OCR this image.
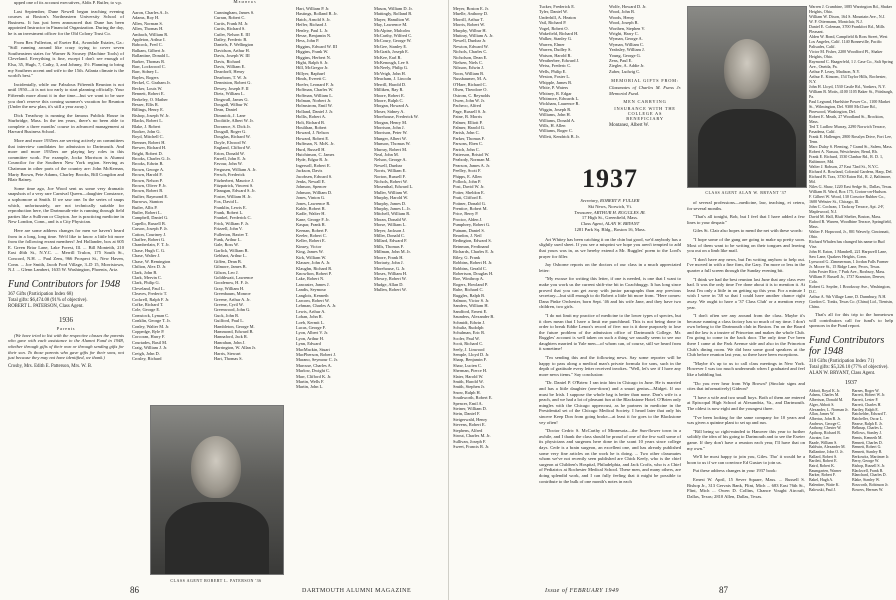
upped one of its account executives, Aldis P. Butler, to v.p.

Last September, Dune Newell began teaching evening courses at Boston's Northeastern University School of Business. It has just been announced that Dune has been appointed Instructor in Financial Organization. During the day, he is an investment officer for the Old Colony Trust Co.

From Rex Fullerton, of Exeter Rd., Avondale Estates, Ga.: "Still running around like crazy trying to cover seven Southeastern states for Warner & Swasey (Machine Tools) of Cleveland. Everything is fine, except I don't see enough of Elsa, 35, Hugh, 7, Cathy, 3, and Johnny, 3½. Planning to bring my Southern accent and wife to the 15th. Atlanta climate is the world's best."

Incidentally, while our Fabulous Fifteenth Reunion is not until 1950—it is not too early to start planning officially. Your Fifteenth more about it in due time—but we want to be sure you don't reserve this coming summer's vacation for Reunion (Under the new plan, it's still a year away.)

Dick Treadway is running the famous Publick House in Sturbridge, Mass. In the ten years, there's no been able to complete a three months' course in advanced management at Harvard Business School.

More and more 1935ers are serving actively on committees that interview candidates for admission to Dartmouth. And more and more 1935ers are playing key roles in this committee work. For example, Jocko Morrison is Alumni Councilor for the Southern New York region. Serving as Chairman in other parts of the country are: John McKernan, Marty Brown, Pete Adams, Charley Brooks, Bill Congdon and Blair Rainey.

Some time ago, Joe Wood sent us some very dramatic snapshots of a very rare Carnival Queen—daughter Constance, a sophomore at Smith. If we saw one. In the series of snaps which, unfortunately, are not technically suitable for reproduction here, the Dartmouth-ette is running through field parties like a Sullivan or Clayton. Joe is practicing medicine in New London, Conn., and is a City Physician.

Here are some address changes for men we haven't heard from in a long, long time. We'd like to know a little bit more from the following errant members! Jed Hollander, box at 605 E. Green Briar Lane, Lake Forest, Ill. ... Bill Monteith, 210 East 46th St., N.Y.C. ... Merrill Trulon, 175 South St., Concord, N.H. ... Paul Zens, 966 Prospect St., New Haven, Conn. ... Joe Smith, Jacob Ford Village, 3–D 15, Morristown, N.J. ... Glenn Lambert, 1635 W. Washington, Phoenix, Ariz.

Fund Contributors for 1948
367 Gifts (Participation Index 68)
Total gifts: $6,474.08 (91% of objective).
ROBERT L. PATERSON, Class Agent.
1936
Parents

(We have tried to list with the respective classes the parents who gave with each assistance to the Alumni Fund in 1948, whether through gifts of their own or through sending gifts for their son. To those parents who gave gifts for their sons, not just because they may not have identified, we thank.)

Crosby, Mrs. Edith E. Patterson, Mrs. W. B.
Members
Aaron, Charles A. Jr.
Adams, Roy H.
Allen, Norman S.
Allen, Thomas H.
Ambach, William R.
Appleton, Arthur I.
Babcock, Fred C.
Balkam, Gilbert Jr.
Ballantine, Donald L.
Barker, Thomas R.
Barr, Lockwood C.
Barr, Sidney L.
Bayles, Rogers
Beckel, C. Graham Jr.
Becker, Louis W.
Bennett, Robert E.
Berkeley, O. Mather
Besser, Ellis R.
Billings, Henry E.
Bishop, Joseph W. Jr.
Blacks, Robert L.
Blake, J. Robert
Booker, John G.
Boyd, Mitchell C.
Brenner, Robert H.
Brewer, Richard H.
Bright, Robert D.
Brooks, Charles G. Jr.
Brooks, Edwin B.
Brown, George A.
Brown, Harold F.
Brown, Nelson P.
Brown, Oliver P. Jr.
Brown, Robert B.
Builter, Raymond E.
Burrows, Stanton
Butler, Allis P.
Butler, Robert L.
Campbell, Daniel G.
Capello, Russell B.
Carson, Joseph P. Jr.
Catton, Courtney J.
Chaffee, Robert G.
Chamberlain, F. T. Jr.
Chase, Hugh C. G.
Chase, Walter J.
Chase, W. Remington
Chilton, Alex D. Jr.
Clark, John B.
Clark, Mervin C.
Clark, Philip G.
Cleveland, Paul L.
Cleaves, Frederic T.
Cockrell, Ralph F. Jr.
Cofke, Richard T.
Cole, George E.
Comstock, Lyman C.
Conklin, George T. Jr.
Conley, Walter M. Jr.
Coppedge, Ryle P.
Corcoran, Harry F.
Courtades, Basil M.
Craig, William J. Jr.
Creigh, John D.
Crosley, Richard
Cunningham, James S.
Curran, Robert C.
Curtis, Frank M. Jr.
Curtis, Richard S.
Cutler, Nelson E. III
Dailey, Frederic B.
Daniels, F. Wellington
Davidson, Arthur H.
Davis, Joseph W. III
Davis, Richard
Davis, William E.
Deardorff, Henry
Dearborn, T. W. Jr.
Denniston, Robert G.
Dewey, Joseph F. II
Dietz, William L.
Dingwall, James G.
Dougall, Wilbur W.
Dean, Daniel
Dimmick, J. Lane
Doolittle, Albert W. Jr.
Dorrance, S. Dick Jr.
Dougall, Roger G.
Douglas, Richard W.
Doyle, Elwood W.
England, Clifford W.
Erion, Donald W.
Farrell, John E. Jr.
Favour, John W.
Fergusen, William A. Jr.
Fersch, Frederick
Fitzherbert, Maurice J.
Fitzpatrick, Vincent S.
Flanagan, Edward S. Jr.
Foster, William H. Jr.
Fox, David L.
Franklin, Lewis E.
Frank, Robert L.
Frankel, Frederick C.
Frick, William F. Jr.
Frizzell, John V.
Fullerton, Baxter T.
Funk, Arthur L.
Gale, Ross W.
Garlick, William R.
Gebhart, Arthur L.
Giffen, Dean B.
Gilmore, James B.
Gilson, Leo J.
Goldthwait, Lawrence
Goodenow, H. F. Jr.
Gray, William H.
Greenbaum, Monroe
Greene, Arthur A. Jr.
Greene, Cyril W.
Greenwood, John G.
Guck, John R.
Guilford, Paul L.
Hambleton, George M.
Hammond, Edward B.
Hannaford, Jack R.
Hanrahan, John J.
Harrington, W. Allan Jr.
Harris, Stewart
Hart, Thomas S.
Hart, William P. Jr.
Hastings, Rolland R. Jr.
Hatch, Arnold S. Jr.
Heffer, Richard J.
Henley, Paul L. Jr.
Hesse, Benjamin N.
Hess, John P.
Higgins, Edward W. III
Higgins, Frank W.
Higgins, Herbert N.
Hight, Ralph S. Jr.
Hill, McGregor Jr.
Hillyer, Raphael
Hinds, Everett C.
Hoefer, Leonard F. Jr.
Hoffman, Charles W.
Hoffman, William L.
Holman, Norbert Jr.
Holmstrom, Emil W.
Holland, Daniel J. Jr.
Hollis, Robert A.
Holt, Richard B.
Houlihan, Robert
Howard, J. Nelson
Howard, Robert E.
Huffman, N. McK. Jr.
Hurd, Russell H.
Hutchinson, C. James
Hyde, Edgar R. Jr.
Ingersoll, Robert E.
Jackson, Davis
Jacobsen, Edward S.
Jenks, Newall E.
Johnson, Spencer
Johnson, William D.
Jones, Vinton G.
Jones, Lawrence R.
Kable, Robert R.
Kadle, Walter H.
Kane, George F. Jr.
Kaspar, Frank R.
Keenan, Robert F.
Keeler, Robert C.
Keller, Robert E.
Kinsey, Victor
King, James W.
Kirk, William W.
Klauser, John A. Jr.
Klaughn, Richard R.
Knowlton, Robert P.
Lake, Robert N.
Lancaster, James J.
Landis, Seymour
Langlois, Kenneth
Larcom, Robert W.
Lehman, Charles A. Jr.
Lewis, Arthur A.
Loban, John R.
Loeb, Kermit L.
Lucas, George F.
Lyon, Albert V. Jr.
Lyon, Arthur H.
Lynn, Edward
MacMackin, Stuart
MacPherson, Robert J.
Marano, Seymour C. Jr.
Marcuse, Charles A.
Marlow, Dwight C.
Marr, Clifford K. Jr.
Martin, Wells F.
Martin, John L.
Mason, William D. Jr.
Mattingly, Rolland B.
Mayer, Hamilton W.
May, Lawrence M.
McAlpine, Malcolm
McCarthy, Wilfred C.
McCoury, George W.
McGee, Stanley E.
McGrath, Joseph E.
McKee, Earl R.
McKenough, Lee S.
McNeely, Philip G.
McVeigh, John H.
Meacham, J. Lincoln
Merrill, Harold D.
Milliken, Ray R.
Moore, Robert E.
Moore, Ralph C.
Morgan, Howard A.
Moser, Sidney A.
Morehouse, Frederick W.
Morgan, Henry M.
Morrison, John J.
Morrison, Peter W.
Munger, Albert W.
Munson, Thomas W.
Murray, Robert M.
Neal, John M.
Nelson, George A.
Newell, Dunbar
Norris, William E.
Norton, Russell F.
Nichols, Robert W.
Mosenthal, Edward L.
Muller, William W.
Murphy, Harold W.
Murphy, James D.
Murphy, James L. Jr.
Mitchell, William R.
Moran, Donald W.
Morse, William L.
Meyer, Jackson J.
Miller, Donald C.
Millard, Edward F.
Mills, Thomas F.
Millman, John M. Jr.
Moore, Frank H.
Moriarty, John J.
Morehouse, G. Jr.
Moses, William H.
Mowry, Robert W.
Mudge, Allan D.
Mullen, Robert W.
CLASS AGENT ROBERT L. PATERSON '36
86	DARTMOUTH ALUMNI MAGAZINE
Meyer, Boston E. Jr.
Muelle, Anthony D.
Morrill, Arthur T.
Morris, Robert W.
Murphy, Wilbur H.
Muttray, William A. Jr.
Newell, Dunbar Jr.
Newton, Edward W.
Nichols, Charles C.
Nicholson, Dean E.
Nielsen, Niels C.
Nilsson, Edwin J.
Noon, William B.
Nussbaumer, M. A.
O'Hare, Richard C.
Olsen, Theodore O.
Ostrom, C. Reynolds
Owen, John W. Jr.
Pacheco, Alfred
Page, Russell S. Jr.
Paine, B. Morris
Palmer, Elliott P.
Palmer, Harold G.
Parish, John C.
Parker, Thomas F.
Parsons, Eben C.
Partch, John C.
Patterson, Bristol W.
Peabody, Norman M.
Pearson, James A. Jr.
Peelley, Scott F.
Phipps, E. Allen
Pollock, John P.
Post, David W. Jr.
Potter, Sheldon E.
Pratt, Clifford E.
Pottner, Donald G.
Prentice, Robert M.
Price, Berry P.
Proctor, Alden J.
Pumphrey, Robert G.
Putnam, Daniel S.
Reardon, J. Neil
Redington, Edward S.
Reinman, Ferdinand
Richards, Charles E. Jr.
Riley, G. Frank
Robbins, Robert H. Jr.
Robbins, Gerald C.
Robertson, Douglas H.
Roe, Winthrop A.
Rogers, Howland P.
Ruhe, Richard C.
Ruggles, Ralph B.
Salmon, Victor S. Jr.
Sanders, William H.
Sandford, Ernest E.
Saunders, Alexander B.
Schmidt, Edwin J.
Schultz, Rudolph
Schulman, Eric R.
Scoler, Paul W.
Scott, Richard C.
Seely, J. Linwood
Semple, Lloyd D. Jr.
Sharp, Benjamin F.
Shaw, Lucien C.
Sherman, Pierce H.
Slater, Harold W.
Smith, Harold W.
Smith, Stephen Jr.
Snow, Ralph H.
Southworth, Robert E.
Spencer, Emil A.
Steiner, William D.
Stein, Daniel F.
Steigerwald, Henry
Stevens, Robert E.
Stephens, Alfred
Strout, Charles M. Jr.
Sullivan, Joseph F.
Sweet, Francis R. Jr.
Tucker, Frederick E.
Tyler, Daniel W.
Underhill, A. Heaton
Vail, Richard P.
Vogel, Robert O.
Wakefield, Richard H.
Walker, Stanley G.
Warren, Elmer
Warren, Dudley S.
Watson, Harold R.
Weatherbee, Edward J.
Weiss, Frederic C.
Wells, Philip E.
Weston, Foster L.
Whipple, James B.
White, P. Waters
Whitney, R. Edgar
Whitmore, Edwards L.
Wickham, Laurence R.
Wiggin, Joseph R.
Williams, John H.
Williams, Donald A.
Wills, H. Allen
Williams, Roger C.
Willett, Kendrick B. Jr.
Wolfe, Howard D. Jr.
Wood, John B.
Woods, Henry
Wood, Joseph R.
Worthen, Stephen V.
Wright, Harry C.
Wyman, George A.
Wyman, William C.
Yeabsley, William J.
Young, George G.
Zens, Paul E.
Ziegler, A. Addie Jr.
Zuber, Ludwig C.
MEMORIAL GIFTS FROM:

Classmates of Charles M. Fuess Jr. Memorial Fund.

MEN CARRYING
INSURANCE WITH THE COLLEGE AS BENEFICIARY
Montanez, Albert W.
1937
Secretary, ROBERT F. FULLER
Ski News, Norwich, Vt.
Treasurer, ARTHUR H. RUGGLES JR.
17 High St., Greenfield, Mass.
Class Agent, ALAN W. BRYANT
1281 Park Sq. Bldg., Boston 16, Mass.

Art Whitey has been catching it on the chin but good, we'd anybody has a slightly used sheet. If you see a misprint we hope you aren't tempted to add that yours was in, as we hereby extend a Mr. Ruggles' poem to the Lord's prayer for filler.

Jay Osborne reports on the doctors of our class in a much appreciated letter:

"My excuse for writing this letter, if one is needed, is one that I want to make you work us the current shift-rise bit in Coachbuggy. It has long since proved that you can get away with junior paragraphs than any previous secretary—but still enough to do Robert a little bit more from. "Here comes: Dana Pinke Orchester, born Sept. '46 and his wife Jane, and they have two children, two girls.

"I do not limit my practice of medicine to the lower types of species, but it does mean that I have a limit me punchhead. This is not being done in order to break Eddie Lenox's record of five: nor is it done purposely to lose the future problem of the admission office of Dartmouth College. Mr. Ruggles' account is well taken on such a thing we usually seem to see our daughters married to Yale men—of whom can, of course, still we heard from it sometime!

"I'm sending this and the following news. Say some reporter will be happy to pass along a medical man's private formula for sons, such in the depth of gratitude every letter received invokes. "Well, let's see if I have any more news items." Say conclusion:

"Dr. Daniel P. O'Brien: I ran into him in Chicago in June. He is married and has a little daughter (one-down) and a smart genius—Midget. If our must be Irish. I suppose the whole bag is better than none. Don's wife is a peach, and we had a lot of pleasant fun at the Blackstone Hotel. O'Brien only mingles with the Chicago uppercrust, as he partners in medicine in the Presidential set of the Chicago Medical Society. I heard later that only his sincere Keep Don from going broke—at least it for goes to the Blackstone vey often!

"Doctor Cedric S. McCarthy of Minnesota—the Sun-flower town in a awhile, and I thank the class should be proud of one of the few wall some of its physicians and surgeons here done in the scant 10 years since college days. Cede is a brain surgeon, an excellent one, and has already published some very fine articles on the work he is doing. ... Two other classmates whom we've not recently seen published are Chick Keely, who is the chief surgeon at Children's Hospital, Philadelphia, and Jack Crofts, who is a Chief of Pediatrics at Rochester Medical School. These men, and many others, are doing splendid work, and I can fully feeling that it might be possible to contribute to the bulk of one month's notes in each

CLASS AGENT ALAN W. BRYANT '37

of several professions—medicine, law, teaching, et cetera, for several months.

"That's all tonight, Bob, but I feel that I have added a few lines to your despair."

Giles St. Clair also hopes to mend the net with these words:

"I hope some of the gang are going to make up pretty soon. Most of them want to be writing on their tongues and leaving you out on a limb like mail.

"I don't have any news, but I'm writing anyhow to help out. I've moved in with a fine firm, the Gary. I'm more or less in the quarter a full screen through the Sunday evening bit.

"I think we had the best reunion last June that any class ever had. It was the only time I've done about it is to mention it. At least I'm only a little in on getting up this year. For a minute I wish I were in '38 so that I could have another chance right away. We ought to have a '37 Class Club' or a mention every year.

"I don't often see any around from the class. Maybe it's because running a class factory has so much of my time. I don't own belong to the Dartmouth club in Boston. I'm on the Board and the law is a trustee of Princeton and makes the whole Club. I'm going to come in the back door. The only time I've been there I came at the Park Avenue side and also in the Princeton Club's dining room. We did hear some good speakers at the Club before reunion last year, so there have been exceptions.

"Maybe it's up to us to call class meetings in New York. However I was too much underneath when I graduated and feel like a babbling bat.

"Do you ever hear from Wip Brown? (Sinclair signs and cites that informatively) Gideon?

"I have a wife and two small boys. Both of them are entered at Episcopal High School at Alexandria, Va., and Dartmouth. The oldest is now eight and the youngest three.

"I've been looking for the same company for 10 years and was given a quinine plant to set up and run.

"Bill being so right-minded to Hanover this year to further solidify the idea of his going to Dartmouth and to see the Exeter game. If they don't have a reunion each year, I'll have that on my own."

We'll be most happy to join you, Giles. Tho' it would be a boon to us if we can convince Ed Gustav to join us.

Put these address changes in your 1937 book:

Ernest W. April, 15 Sever Square, Mass. ... Russell S. Bishop Jr., 313 Gervais Bank, Flint, Mich ... 683 East 76th St., Flint, Mich ... Owen D. Collins, Chance Vought Aircraft, Dallas, Texas; 2810 Allen, Dallas, Texas.

Warren J. Crumbine, 1085 Warrington Rd., Shaker Heights, Ohio.
William W. Dixon, 164 S. Mountain Ave., N.J.
W. F. Ottermann, Montclair, N.J.
Daniel E. Coleman, 3700 Frankfort Rd., Mills Pleasant.
Alden W. Bond, Campfield & Ross Street, West Los Angeles, Calif. 1140 Bonneville, Pacific Palisades, Calif.
Victor M. Fisher, 2200 Woodford Pl., Shaker Heights, Ohio.
Raymond C. Haagerfeld, 1 J. Case Co., Salt Spring Ave., Oneida, Pa.
Arthur P. Leary, Madison, N.Y.
Arthur E. Kinsom, 154 Taylor Hills, Rochester, N.Y.
John H. Lloyd, 1530 Castle Rd., Yonkers, N.Y.
William B. Motis, 4100 1105 Baker St., Pittsburgh, Pa.
Paul Legrand, Huelshire Power Co., 1100 Market St., Wilmington, Del. 9300 McClure Rd., Pinewood, Washington, Del.
Robert E. Meath, 27 Woodland St., Brockton, Mass.
Ted T. Ludlow Murray, 2290 Norwich Terrace, Pasadena, Calif.
Frank E. Hallenger, 2800 Rosslyn Drive, Fort Lee, Tenn.
Marc Dulay S. Fleming, 7 Grand St., Salem, Mass.
Robert A. Nassau, Westchester, Bend, Rh.
Frank E. Richard, 1530 Clanbar Rd., R. D. 1, Baltimore, Md.
Walter J. Robson, 27 East 72nd St., N.Y.C.
Richard A. Rowland, Colonial Gardens, Harp, Del.
Richard B. Trax, 3730 Eaton Rd., R. 2, Baltimore, Md.
Niles G. Shaw, 1220 East Sedge St., Dallas, Texas.
William B. Ward, Box 175, Croton-on-Hudson.
F. Gilbert W. Wood, 130 Corsoice Rubber Co., 1600 Webster St., Chicago, Ill.
John C. Cochran, 1 Tackray Terrace, Apt. 2-F, Maplewood, N.J.
David M. Hall, Bluff Shelter, Boston, Mass.
Buford R. Warren, Woodbine Terrace, Springfield, Mass.
Walter F. Hopwood, Jr., 801 Waverly, Cincinnati, Ohio.
Richard Whalen has changed his name to Bud Vise.
John H. Eaton, 1 Mandrell, 221 Harpwell Lane, Saw Lane, Quakers Heights, Conn.
Lynwood G. Zimmerman, 1 Jordan Falls Farmer Jr. Moore St., 15 Ridge Lane, Pecos, Texas.
John Foster Rice, 7 Park Ave., Roxbury, Mass.
William F. Russell Jr., 1737 Kranston, Denver, Colo.
Robert G. Snyder, 1 Brookway Ave., Washington, D.C.
Arthur A. 9th Village Lane, D. Dunnbury, N.H.
Gordon C. Tonks, Texas Co. (China) Ltd., Tientsin, China.

That's all for this trip to the hometown will contributors call for fund's to help sponsors in the Fund report.

Fund Contributors for 1948
310 Gifts (Participation Index 71)
Total gifts: $5,326.10 (77% of objective).
ALAN W. BRYANT, Class Agent.
1937
Abbott, Royal K. Jr.
Adams, Charles M.
Albertson, Donald M.
Alger, Abbott S.
Alexander, L. Norman Jr.
Allan, James W.
Albertus, John B. Jr.
Andrews, George C.
Anthony, Chester W.
Apthorp, Richard B.
Atwater, Leo
Baade, William S.
Baldwin, Alexander M.
Ballantine, John O. Jr.
Ballard, Robert S.
Bartlett, Robert E.
Baird, Robert K.
Baumgarten, Warner
Barker, Robert F.
Bakel, Hugh A.
Balentine, Waite K.
Balowski, Paul J.
Barnes, Roger W.
Barrett, Hobert W. Jr.
Barrett, Lester F.
Barrett, Charles H.
Bartley, Ralph E.
Batchelder, Edward T.
Batcheller, Oscar L.
Bearse, Ralph E. Jr.
Belknap, Charles L.
Bellows, Stanley J.
Bemis, Kenneth M.
Bennett, Charles D.
Bennett, Robert G.
Bennett, Stanley B.
Berkowitz, Martimer Jr.
Berry, George W.
Bishop, Russell S. Jr.
Blackwell, Frank B.
Blanchard, Charles D.
Blake, Stanley W.
Bosworth, Robinson Jr.
Bowers, Hermes W.
Issue of FEBRUARY 1949	87
